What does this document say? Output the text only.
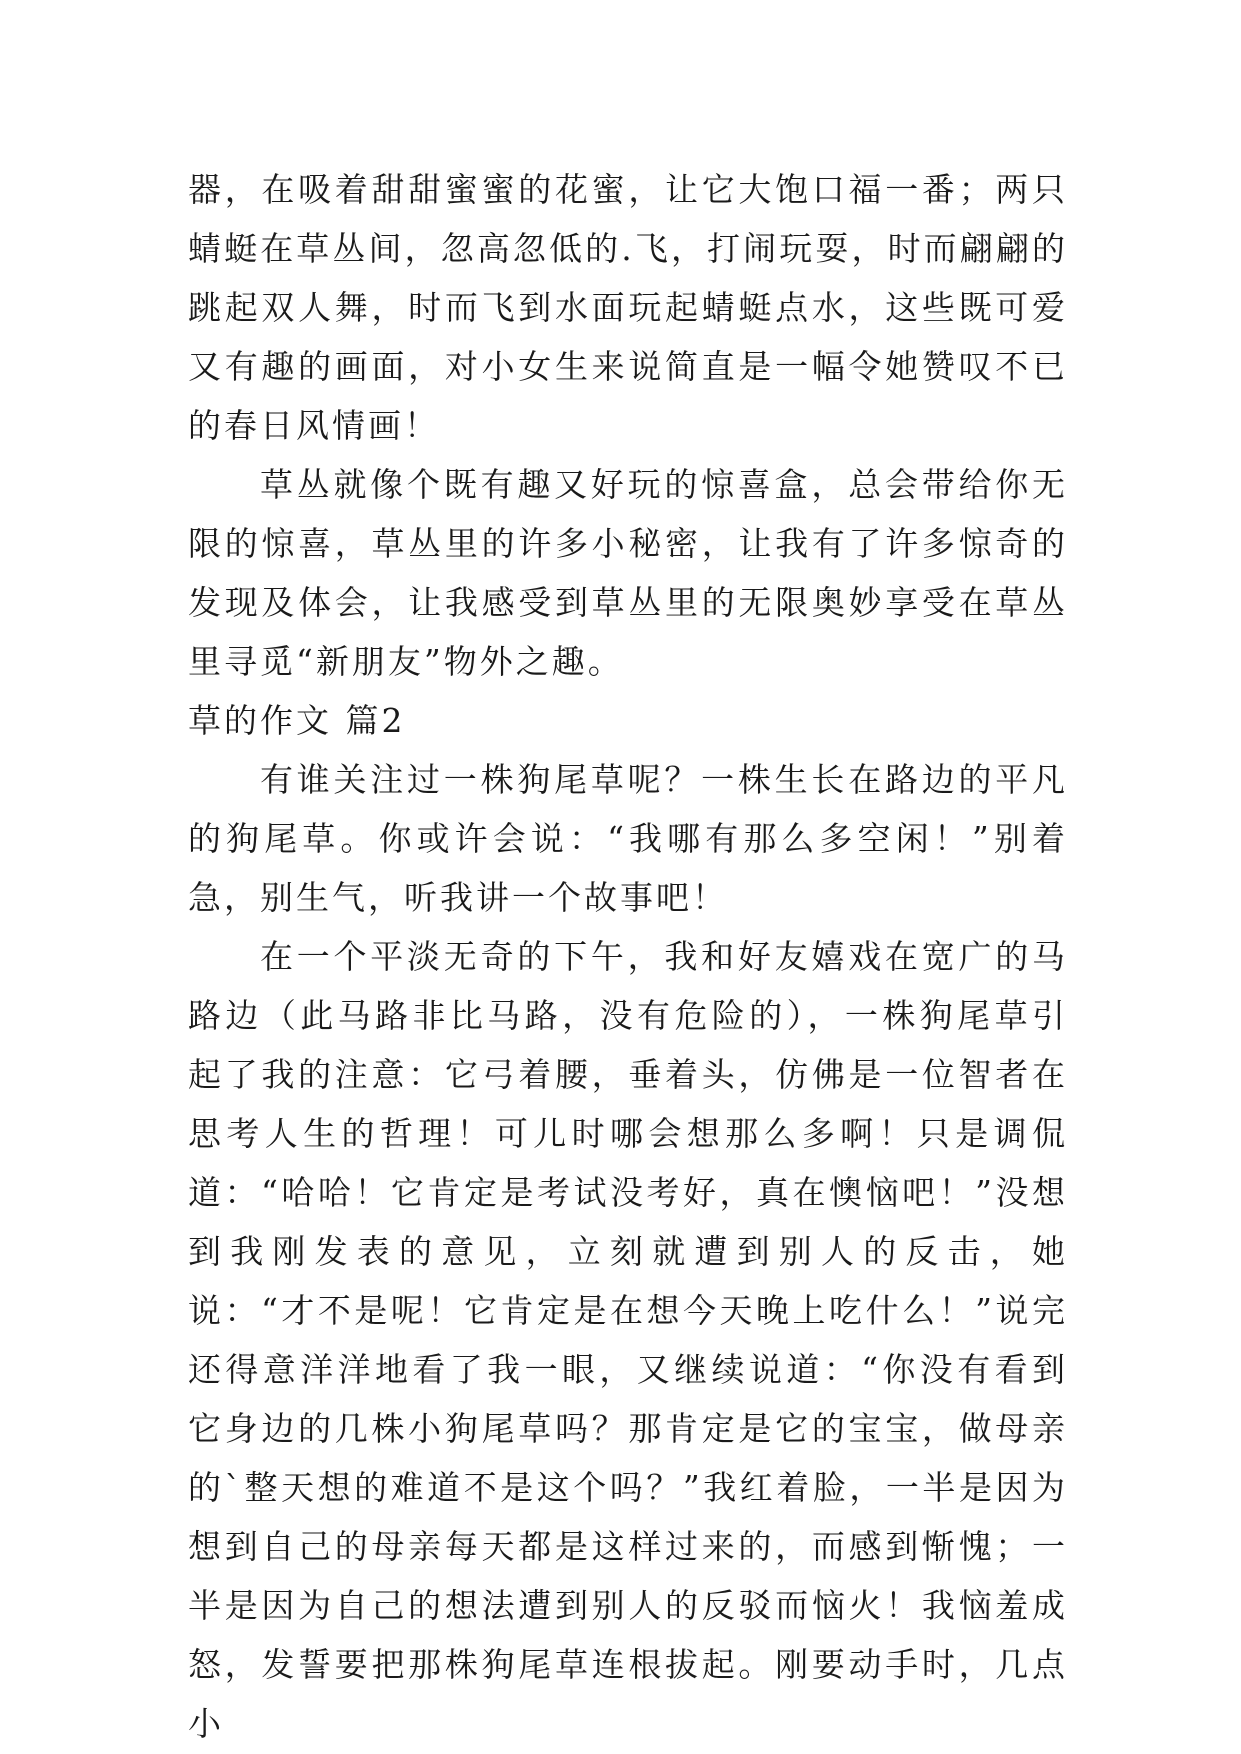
器，在吸着甜甜蜜蜜的花蜜，让它大饱口福一番；两只蜻蜓在草丛间，忽高忽低的.飞，打闹玩耍，时而翩翩的跳起双人舞，时而飞到水面玩起蜻蜓点水，这些既可爱又有趣的画面，对小女生来说简直是一幅令她赞叹不已的春日风情画！

草丛就像个既有趣又好玩的惊喜盒，总会带给你无限的惊喜，草丛里的许多小秘密，让我有了许多惊奇的发现及体会，让我感受到草丛里的无限奥妙享受在草丛里寻觅“新朋友”物外之趣。

草的作文 篇2

有谁关注过一株狗尾草呢？一株生长在路边的平凡的狗尾草。你或许会说：“我哪有那么多空闲！”别着急，别生气，听我讲一个故事吧！

在一个平淡无奇的下午，我和好友嬉戏在宽广的马路边（此马路非比马路，没有危险的），一株狗尾草引起了我的注意：它弓着腰，垂着头，仿佛是一位智者在思考人生的哲理！可儿时哪会想那么多啊！只是调侃道：“哈哈！它肯定是考试没考好，真在懊恼吧！”没想到我刚发表的意见，立刻就遭到别人的反击，她说：“才不是呢！它肯定是在想今天晚上吃什么！”说完还得意洋洋地看了我一眼，又继续说道：“你没有看到它身边的几株小狗尾草吗？那肯定是它的宝宝，做母亲的`整天想的难道不是这个吗？”我红着脸，一半是因为想到自己的母亲每天都是这样过来的，而感到惭愧；一半是因为自己的想法遭到别人的反驳而恼火！我恼羞成怒，发誓要把那株狗尾草连根拔起。刚要动手时，几点小
